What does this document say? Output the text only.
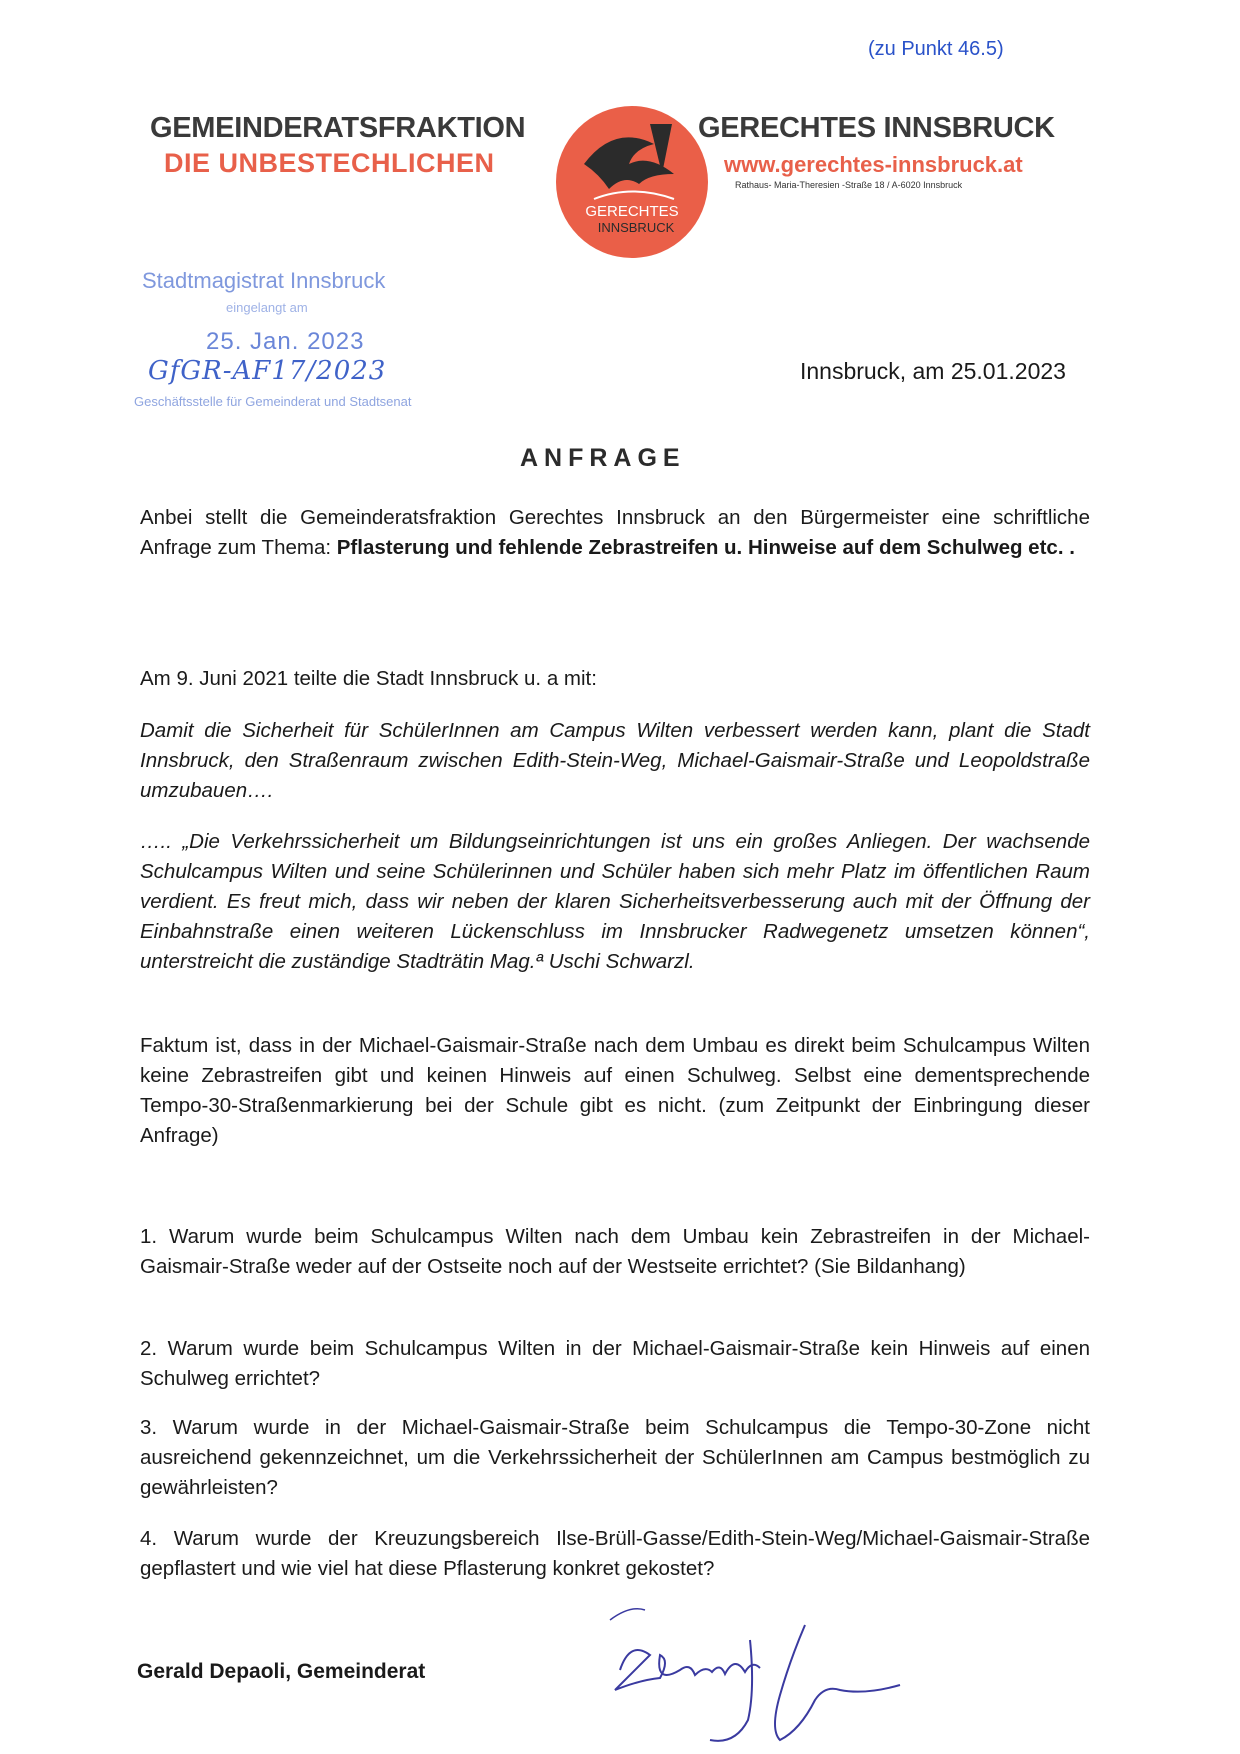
(zu Punkt 46.5)
GEMEINDERATSFRAKTION
DIE UNBESTECHLICHEN
GERECHTES INNSBRUCK
www.gerechtes-innsbruck.at
Rathaus- Maria-Theresien -Straße 18 / A-6020 Innsbruck
GERECHTES
INNSBRUCK
Stadtmagistrat Innsbruck
eingelangt am
25. Jan. 2023
GfGR-AF17/2023
Geschäftsstelle für Gemeinderat und Stadtsenat
Innsbruck, am 25.01.2023
ANFRAGE
Anbei stellt die Gemeinderatsfraktion Gerechtes Innsbruck an den Bürgermeister eine schriftliche Anfrage zum Thema: Pflasterung und fehlende Zebrastreifen u. Hinweise auf dem Schulweg etc. .
Am 9. Juni 2021 teilte die Stadt Innsbruck u. a mit:
Damit die Sicherheit für SchülerInnen am Campus Wilten verbessert werden kann, plant die Stadt Innsbruck, den Straßenraum zwischen Edith-Stein-Weg, Michael-Gaismair-Straße und Leopoldstraße umzubauen….
….. „Die Verkehrssicherheit um Bildungseinrichtungen ist uns ein großes Anliegen. Der wachsende Schulcampus Wilten und seine Schülerinnen und Schüler haben sich mehr Platz im öffentlichen Raum verdient. Es freut mich, dass wir neben der klaren Sicherheitsverbesserung auch mit der Öffnung der Einbahnstraße einen weiteren Lückenschluss im Innsbrucker Radwegenetz umsetzen können“, unterstreicht die zuständige Stadträtin Mag.ª Uschi Schwarzl.
Faktum ist, dass in der Michael-Gaismair-Straße nach dem Umbau es direkt beim Schulcampus Wilten keine Zebrastreifen gibt und keinen Hinweis auf einen Schulweg. Selbst eine dementsprechende Tempo-30-Straßenmarkierung bei der Schule gibt es nicht. (zum Zeitpunkt der Einbringung dieser Anfrage)
1. Warum wurde beim Schulcampus Wilten nach dem Umbau kein Zebrastreifen in der Michael-Gaismair-Straße weder auf der Ostseite noch auf der Westseite errichtet? (Sie Bildanhang)
2. Warum wurde beim Schulcampus Wilten in der Michael-Gaismair-Straße kein Hinweis auf einen Schulweg errichtet?
3. Warum wurde in der Michael-Gaismair-Straße beim Schulcampus die Tempo-30-Zone nicht ausreichend gekennzeichnet, um die Verkehrssicherheit der SchülerInnen am Campus bestmöglich zu gewährleisten?
4. Warum wurde der Kreuzungsbereich Ilse-Brüll-Gasse/Edith-Stein-Weg/Michael-Gaismair-Straße gepflastert und wie viel hat diese Pflasterung konkret gekostet?
Gerald Depaoli, Gemeinderat
